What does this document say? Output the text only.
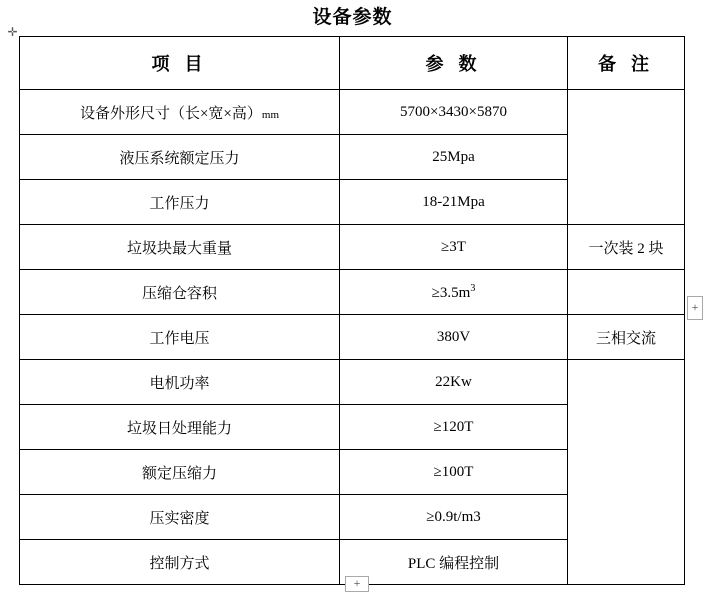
设备参数
✛
项 目	参 数	备 注
设备外形尺寸（长×宽×高）mm	5700×3430×5870	
液压系统额定压力	25Mpa	
工作压力	18-21Mpa	
垃圾块最大重量	≥3T	一次装 2 块
压缩仓容积	$\ge 3.5m^3$	
工作电压	380V	三相交流
电机功率	22Kw	
垃圾日处理能力	≥120T	
额定压缩力	≥100T	
压实密度	≥0.9t/m3	
控制方式	PLC 编程控制	
+
+
